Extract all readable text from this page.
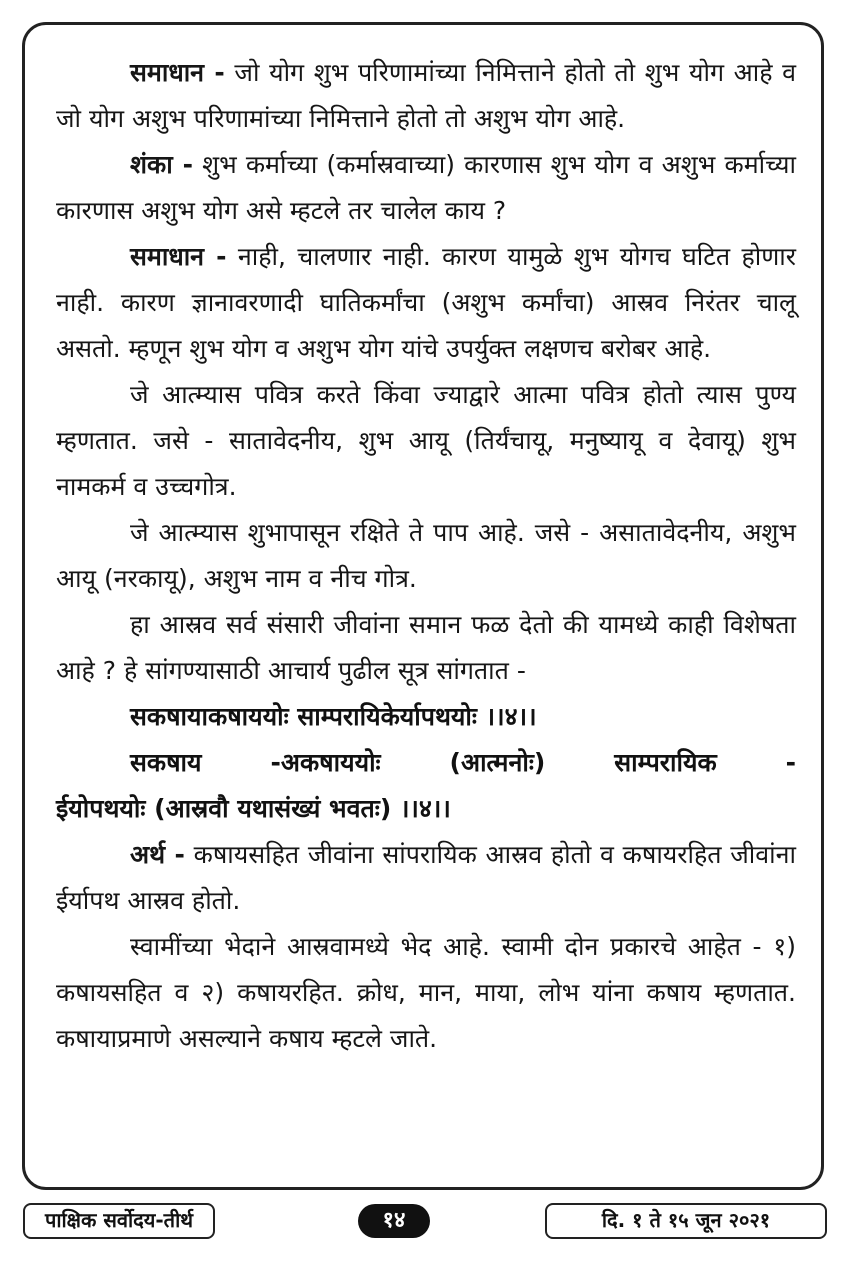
समाधान - जो योग शुभ परिणामांच्या निमित्ताने होतो तो शुभ योग आहे व जो योग अशुभ परिणामांच्या निमित्ताने होतो तो अशुभ योग आहे.

शंका - शुभ कर्माच्या (कर्मास्रवाच्या) कारणास शुभ योग व अशुभ कर्माच्या कारणास अशुभ योग असे म्हटले तर चालेल काय ?

समाधान - नाही, चालणार नाही. कारण यामुळे शुभ योगच घटित होणार नाही. कारण ज्ञानावरणादी घातिकर्मांचा (अशुभ कर्मांचा) आस्रव निरंतर चालू असतो. म्हणून शुभ योग व अशुभ योग यांचे उपर्युक्त लक्षणच बरोबर आहे.

जे आत्म्यास पवित्र करते किंवा ज्याद्वारे आत्मा पवित्र होतो त्यास पुण्य म्हणतात. जसे - सातावेदनीय, शुभ आयू (तिर्यंचायू, मनुष्यायू व देवायू) शुभ नामकर्म व उच्चगोत्र.

जे आत्म्यास शुभापासून रक्षिते ते पाप आहे. जसे - असातावेदनीय, अशुभ आयू (नरकायू), अशुभ नाम व नीच गोत्र.

हा आस्रव सर्व संसारी जीवांना समान फळ देतो की यामध्ये काही विशेषता आहे ? हे सांगण्यासाठी आचार्य पुढील सूत्र सांगतात -

सकषायाकषाययोः साम्परायिकेर्यापथयोः ।।४।।

सकषाय -अकषाययोः (आत्मनोः) साम्परायिक -
ईयोपथयोः (आस्रवौ यथासंख्यं भवतः) ।।४।।

अर्थ - कषायसहित जीवांना सांपरायिक आस्रव होतो व कषायरहित जीवांना ईर्यापथ आस्रव होतो.

स्वामींच्या भेदाने आस्रवामध्ये भेद आहे. स्वामी दोन प्रकारचे आहेत - १) कषायसहित व २) कषायरहित. क्रोध, मान, माया, लोभ यांना कषाय म्हणतात. कषायाप्रमाणे असल्याने कषाय म्हटले जाते.

पाक्षिक सर्वोदय-तीर्थ	१४	दि. १ ते १५ जून २०२१
